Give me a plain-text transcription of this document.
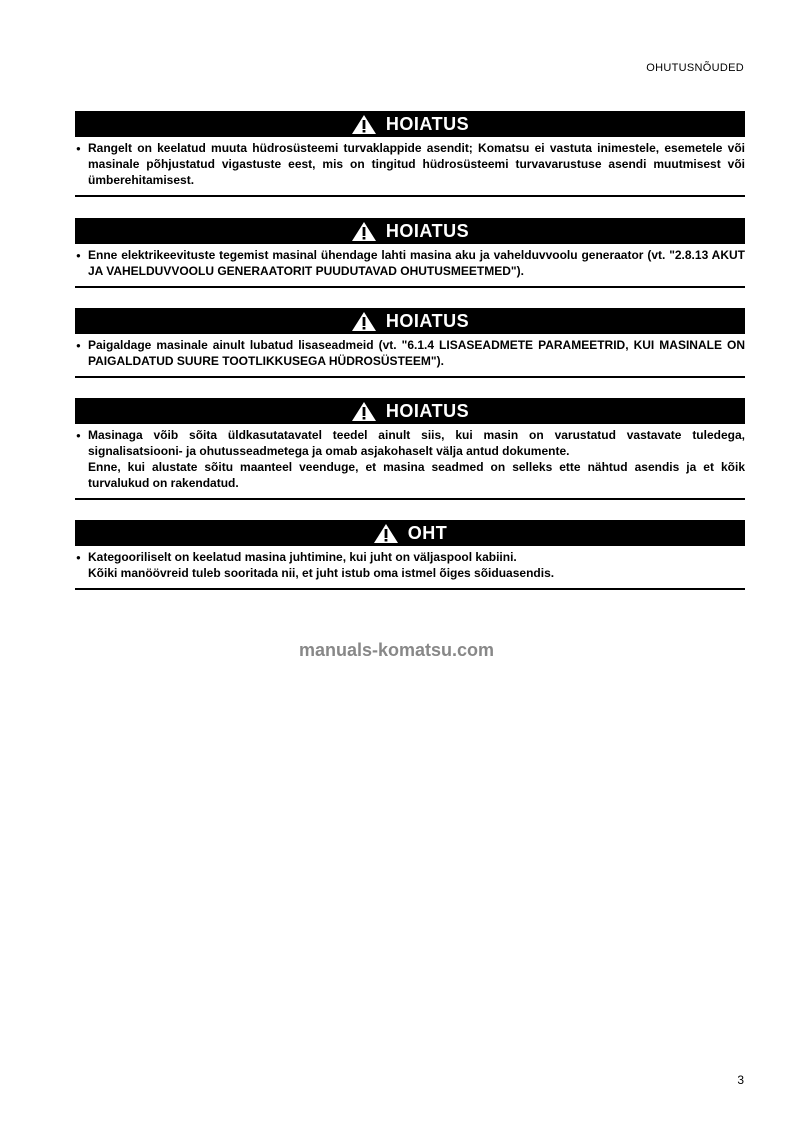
OHUTUSNÕUDED
HOIATUS
● Rangelt on keelatud muuta hüdrosüsteemi turvaklappide asendit; Komatsu ei vastuta inimestele, esemetele või masinale põhjustatud vigastuste eest, mis on tingitud hüdrosüsteemi turvavarustuse asendi muutmisest või ümberehitamisest.

HOIATUS
● Enne elektrikeevituste tegemist masinal ühendage lahti masina aku ja vahelduvvoolu generaator (vt. "2.8.13 AKUT JA VAHELDUVVOOLU GENERAATORIT PUUDUTAVAD OHUTUSMEETMED").

HOIATUS
● Paigaldage masinale ainult lubatud lisaseadmeid (vt. "6.1.4 LISASEADMETE PARAMEETRID, KUI MASINALE ON PAIGALDATUD SUURE TOOTLIKKUSEGA HÜDROSÜSTEEM").

HOIATUS
● Masinaga võib sõita üldkasutatavatel teedel ainult siis, kui masin on varustatud vastavate tuledega, signalisatsiooni- ja ohutusseadmetega ja omab asjakohaselt välja antud dokumente.

Enne, kui alustate sõitu maanteel veenduge, et masina seadmed on selleks ette nähtud asendis ja et kõik turvalukud on rakendatud.

OHT
● Kategooriliselt on keelatud masina juhtimine, kui juht on väljaspool kabiini.

Kõiki manöövreid tuleb sooritada nii, et juht istub oma istmel õiges sõiduasendis.

manuals-komatsu.com
3
